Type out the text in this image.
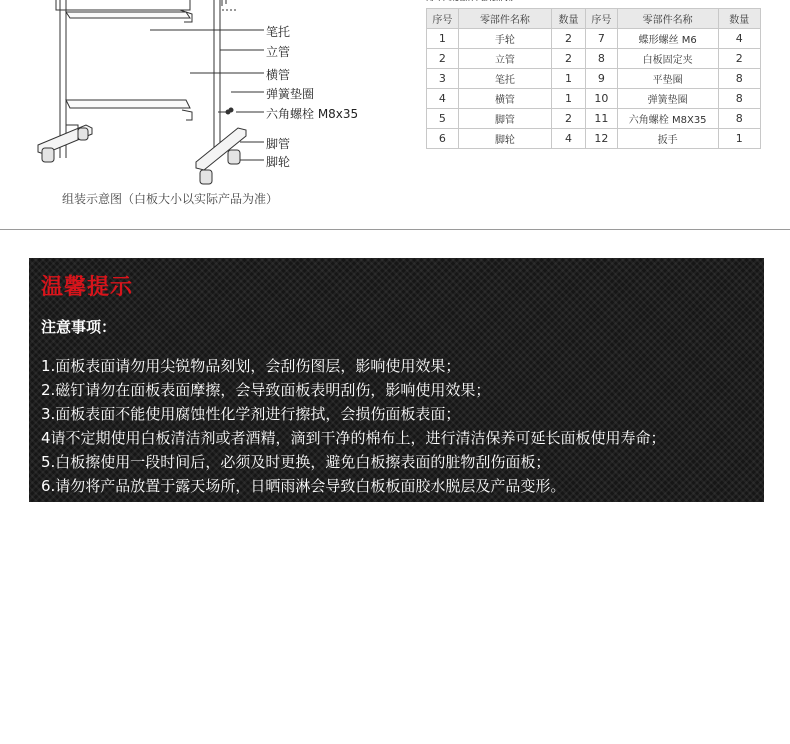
笔托
立管
横管
弹簧垫圈
六角螺栓 M8x35
脚管
脚轮
组装示意图（白板大小以实际产品为准）
序号	零部件名称	数量	序号	零部件名称	数量
1	手轮	2	7	蝶形螺丝 M6	4
2	立管	2	8	白板固定夹	2
3	笔托	1	9	平垫圈	8
4	横管	1	10	弹簧垫圈	8
5	脚管	2	11	六角螺栓 M8X35	8
6	脚轮	4	12	扳手	1
温馨提示
注意事项：
1.面板表面请勿用尖锐物品刻划，会刮伤图层，影响使用效果；
2.磁钉请勿在面板表面摩擦，会导致面板表明刮伤，影响使用效果；
3.面板表面不能使用腐蚀性化学剂进行擦拭，会损伤面板表面；
4请不定期使用白板清洁剂或者酒精，滴到干净的棉布上，进行清洁保养可延长面板使用寿命；
5.白板擦使用一段时间后，必须及时更换，避免白板擦表面的脏物刮伤面板；
6.请勿将产品放置于露天场所，日晒雨淋会导致白板板面胶水脱层及产品变形。
